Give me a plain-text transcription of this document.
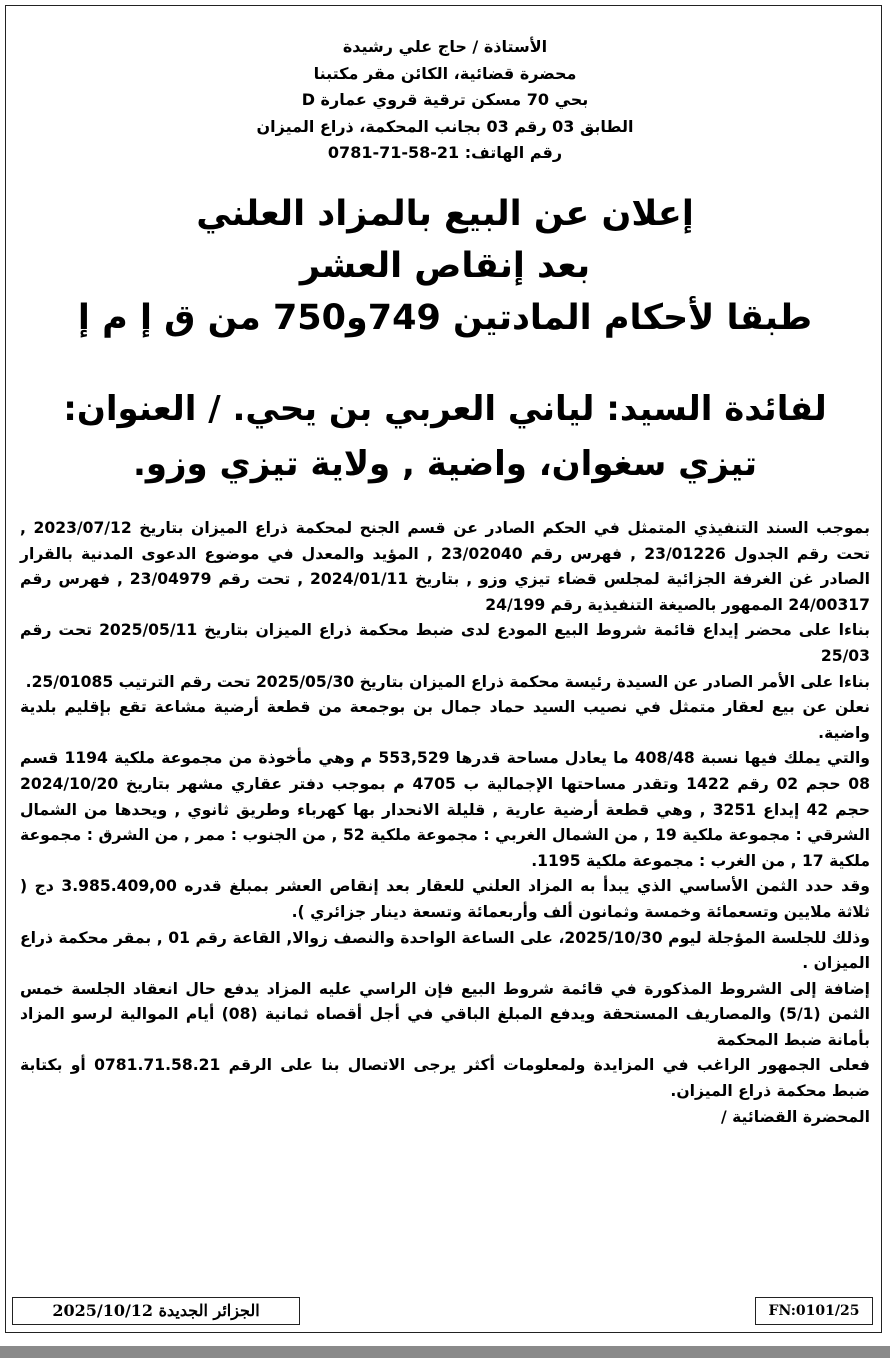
الأستاذة / حاج علي رشيدة
محضرة قضائية، الكائن مقر مكتبنا
بحي 70 مسكن ترقية قروي عمارة D
الطابق 03 رقم 03 بجانب المحكمة، ذراع الميزان
رقم الهاتف: 21-58-71-0781
إعلان عن البيع بالمزاد العلني
بعد إنقاص العشر
طبقا لأحكام المادتين 749و750 من ق إ م إ
لفائدة السيد: لياني العربي بن يحي. / العنوان:
تيزي سغوان، واضية , ولاية تيزي وزو.

بموجب السند التنفيذي المتمثل في الحكم الصادر عن قسم الجنح لمحكمة ذراع الميزان بتاريخ 2023/07/12 , تحت رقم الجدول 23/01226 , فهرس رقم 23/02040 , المؤيد والمعدل في موضوع الدعوى المدنية بالقرار الصادر غن الغرفة الجزائية لمجلس قضاء تيزي وزو , بتاريخ 2024/01/11 , تحت رقم 23/04979 , فهرس رقم 24/00317 الممهور بالصيغة التنفيذية رقم 24/199

بناءا على محضر إيداع قائمة شروط البيع المودع لدى ضبط محكمة ذراع الميزان بتاريخ 2025/05/11 تحت رقم 25/03

بناءا على الأمر الصادر عن السيدة رئيسة محكمة ذراع الميزان بتاريخ 2025/05/30 تحت رقم الترتيب 25/01085.

نعلن عن بيع لعقار متمثل في نصيب السيد حماد جمال بن بوجمعة من قطعة أرضية مشاعة تقع بإقليم بلدية واضية.

والتي يملك فيها نسبة 408/48 ما يعادل مساحة قدرها 553,529 م وهي مأخوذة من مجموعة ملكية 1194 قسم 08 حجم 02 رقم 1422 وتقدر مساحتها الإجمالية ب 4705 م بموجب دفتر عقاري مشهر بتاريخ 2024/10/20 حجم 42 إيداع 3251 , وهي قطعة أرضية عارية , قليلة الانحدار بها كهرباء وطريق ثانوي , ويحدها من الشمال الشرقي : مجموعة ملكية 19 , من الشمال الغربي : مجموعة ملكية 52 , من الجنوب : ممر , من الشرق : مجموعة ملكية 17 , من الغرب : مجموعة ملكية 1195.

وقد حدد الثمن الأساسي الذي يبدأ به المزاد العلني للعقار بعد إنقاص العشر بمبلغ قدره 3.985.409,00 دج ( ثلاثة ملايين وتسعمائة وخمسة وثمانون ألف وأربعمائة وتسعة دينار جزائري ).

وذلك للجلسة المؤجلة ليوم 2025/10/30، على الساعة الواحدة والنصف زوالا, القاعة رقم 01 , بمقر محكمة ذراع الميزان .

إضافة إلى الشروط المذكورة في قائمة شروط البيع فإن الراسي عليه المزاد يدفع حال انعقاد الجلسة خمس الثمن (5/1) والمصاريف المستحقة ويدفع المبلغ الباقي في أجل أقصاه ثمانية (08) أيام الموالية لرسو المزاد بأمانة ضبط المحكمة

فعلى الجمهور الراغب في المزايدة ولمعلومات أكثر يرجى الاتصال بنا على الرقم 0781.71.58.21 أو بكتابة ضبط محكمة ذراع الميزان.

المحضرة القضائية /

الجزائر الجديدة 2025/10/12	FN:0101/25
